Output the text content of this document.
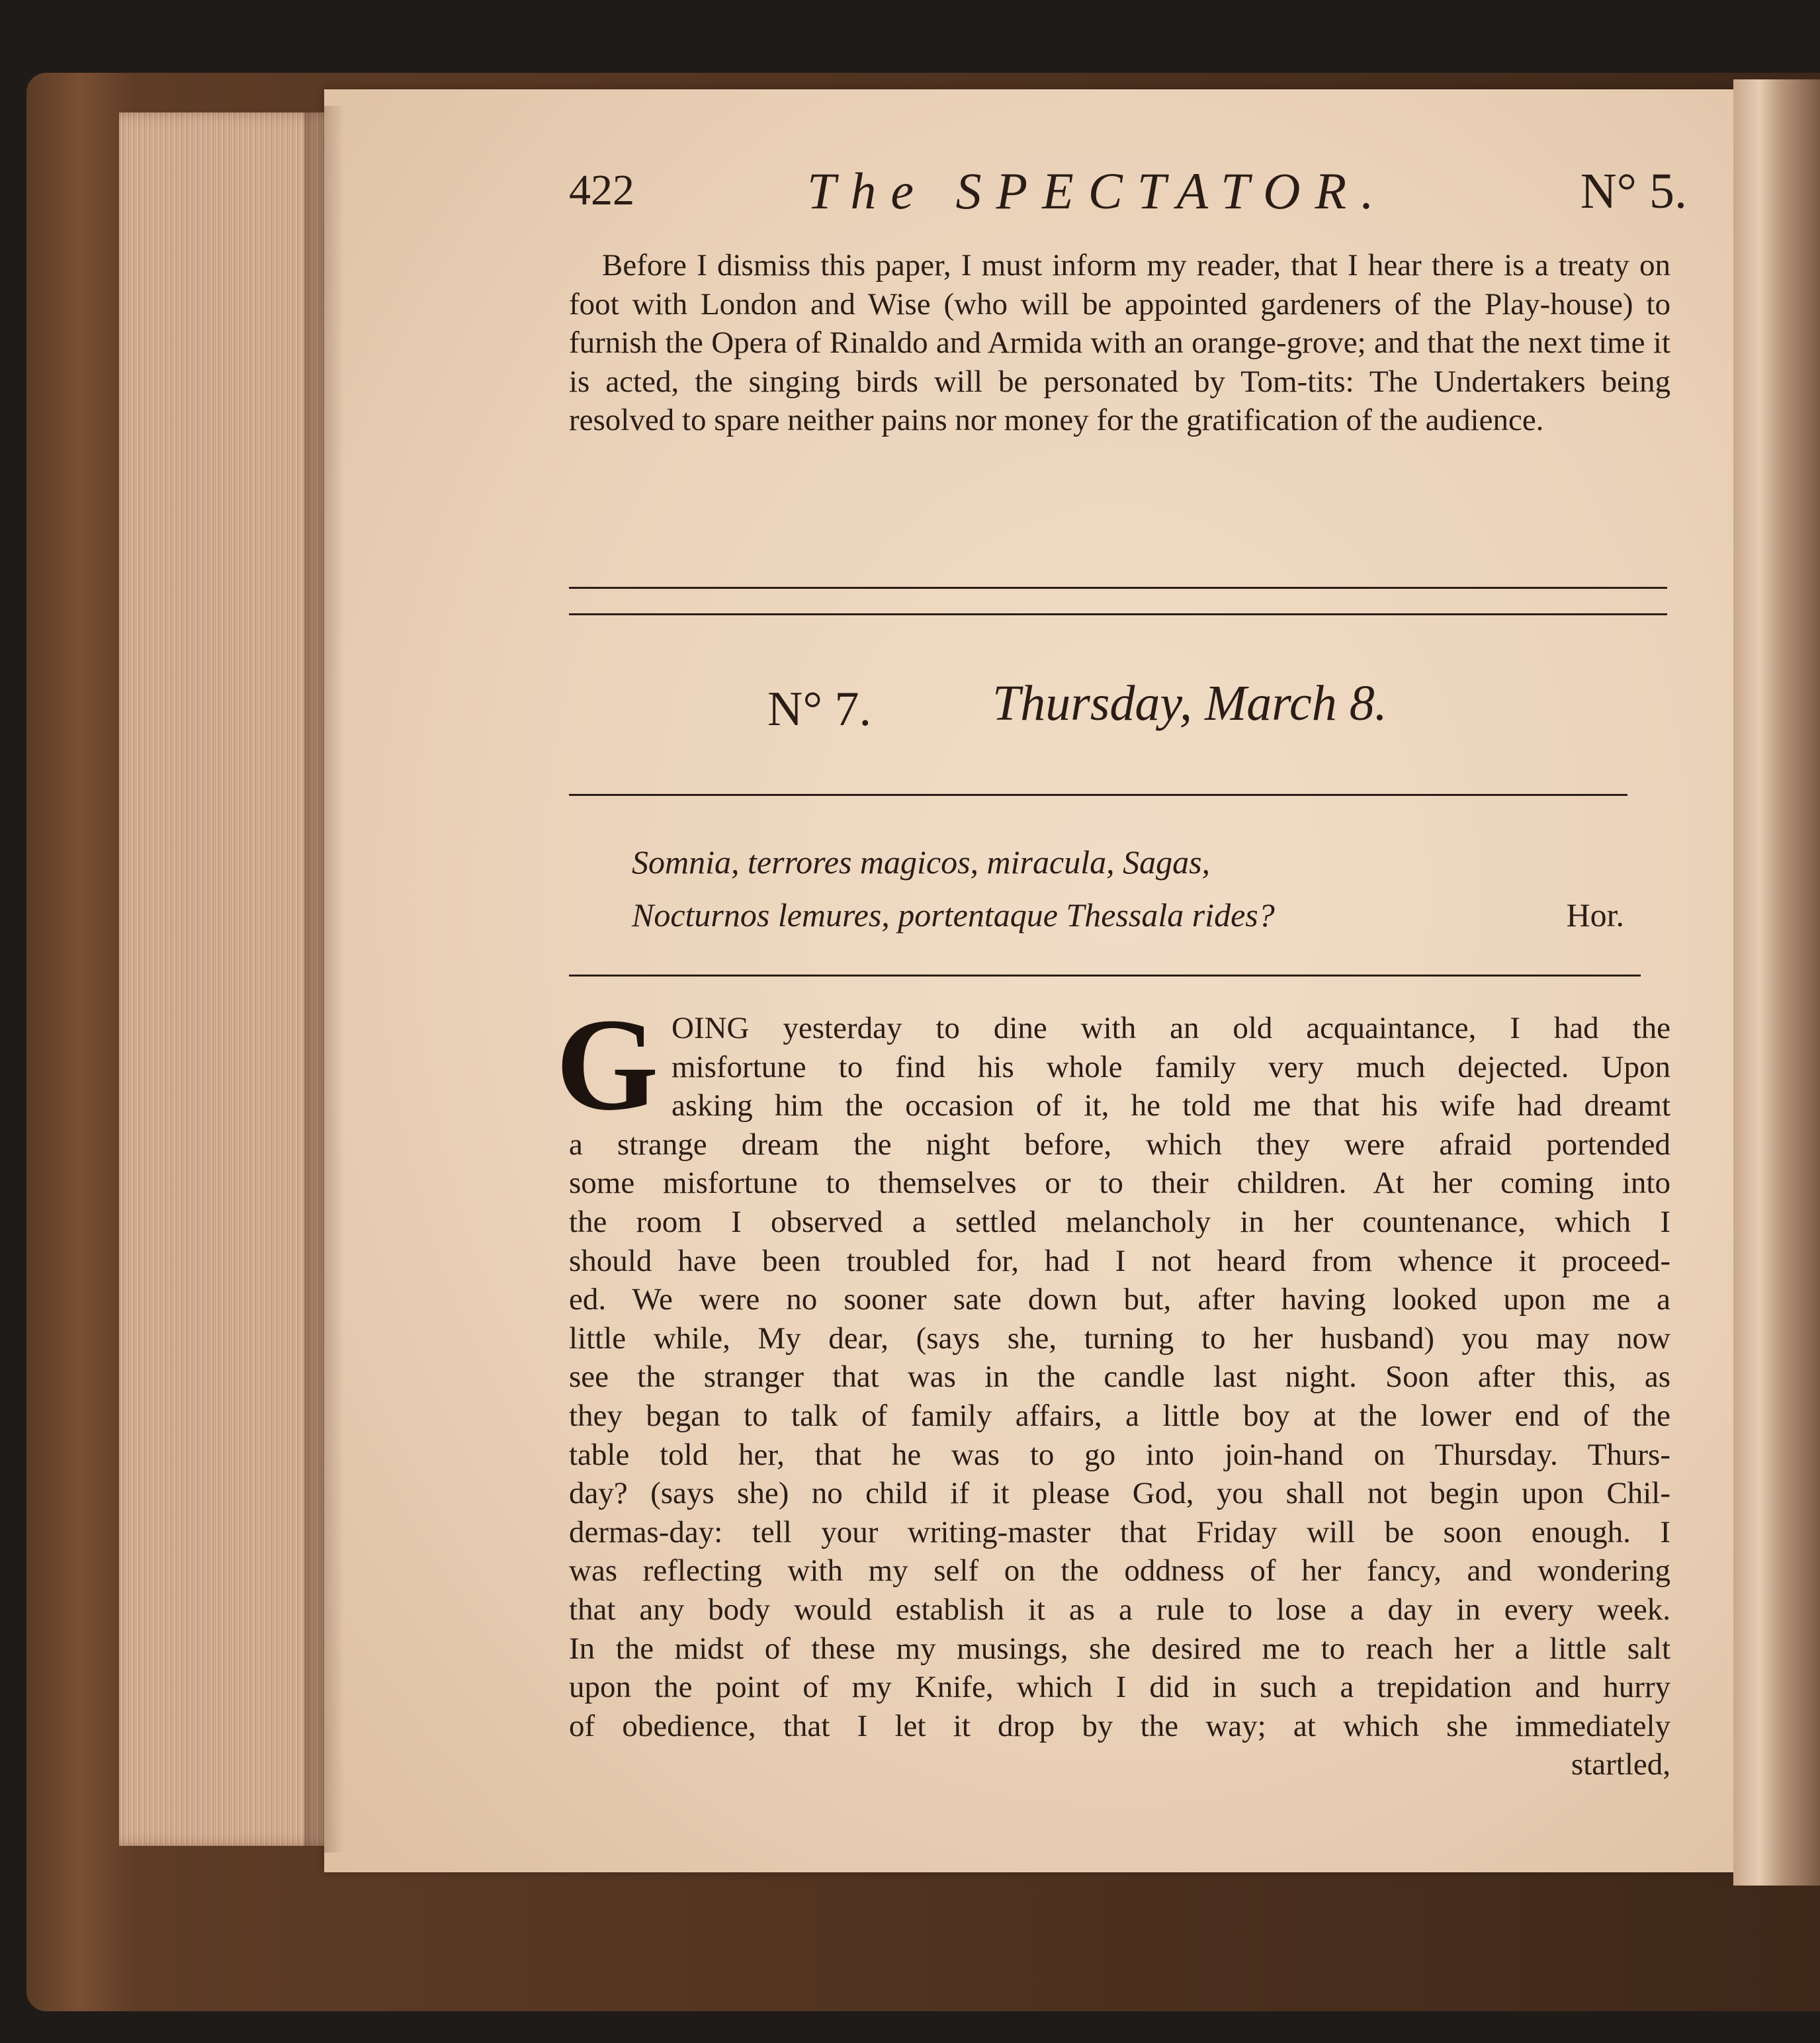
422	The SPECTATOR.	N° 5.
Before I dismiss this paper, I must inform my reader, that I hear there is a treaty on foot with London and Wise (who will be appointed gardeners of the Play-house) to furnish the Opera of Rinaldo and Armida with an orange-grove; and that the next time it is acted, the singing birds will be personated by Tom-tits: The Undertakers being resolved to spare neither pains nor money for the gratification of the audience.
N° 7. Thursday, March 8.
Somnia, terrores magicos, miracula, Sagas,
Nocturnos lemures, portentaque Thessala rides?	Hor.
G OING yesterday to dine with an old acquaintance, I had the
misfortune to find his whole family very much dejected. Upon
asking him the occasion of it, he told me that his wife had dreamt
a strange dream the night before, which they were afraid portended
some misfortune to themselves or to their children. At her coming into
the room I observed a settled melancholy in her countenance, which I
should have been troubled for, had I not heard from whence it proceed-
ed. We were no sooner sate down but, after having looked upon me a
little while, My dear, (says she, turning to her husband) you may now
see the stranger that was in the candle last night. Soon after this, as
they began to talk of family affairs, a little boy at the lower end of the
table told her, that he was to go into join-hand on Thursday. Thurs-
day? (says she) no child if it please God, you shall not begin upon Chil-
dermas-day: tell your writing-master that Friday will be soon enough. I
was reflecting with my self on the oddness of her fancy, and wondering
that any body would establish it as a rule to lose a day in every week.
In the midst of these my musings, she desired me to reach her a little salt
upon the point of my Knife, which I did in such a trepidation and hurry
of obedience, that I let it drop by the way; at which she immediately
startled,
